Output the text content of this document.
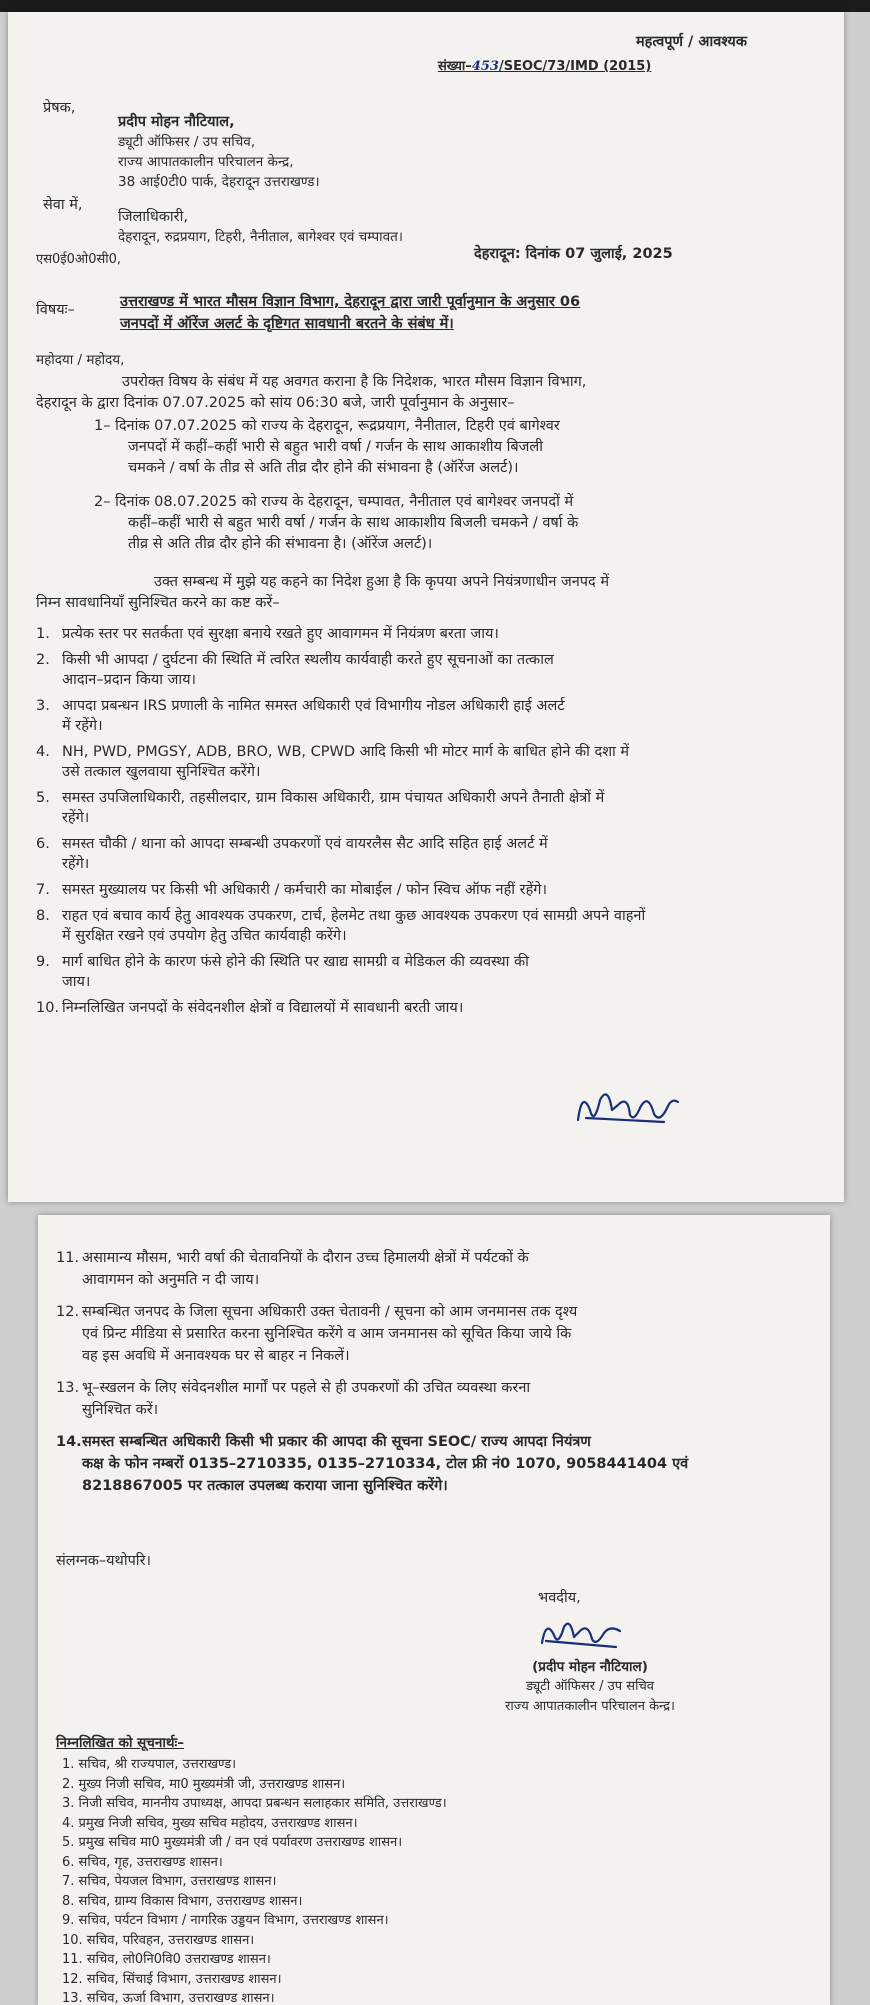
महत्वपूर्ण / आवश्यक
संख्या–453/SEOC/73/IMD (2015)
प्रेषक,
प्रदीप मोहन नौटियाल,
ड्यूटी ऑफिसर / उप सचिव,
राज्य आपातकालीन परिचालन केन्द्र,
38 आई0टी0 पार्क, देहरादून उत्तराखण्ड।
सेवा में,
जिलाधिकारी,
देहरादून, रुद्रप्रयाग, टिहरी, नैनीताल, बागेश्वर एवं चम्पावत।
एस0ई0ओ0सी0,	देहरादून: दिनांक 07 जुलाई, 2025
विषयः–	उत्तराखण्ड में भारत मौसम विज्ञान विभाग, देहरादून द्वारा जारी पूर्वानुमान के अनुसार 06
जनपदों में ऑरेंज अलर्ट के दृष्टिगत सावधानी बरतने के संबंध में।
महोदया / महोदय,
उपरोक्त विषय के संबंध में यह अवगत कराना है कि निदेशक, भारत मौसम विज्ञान विभाग,
देहरादून के द्वारा दिनांक 07.07.2025 को सांय 06:30 बजे, जारी पूर्वानुमान के अनुसार–
1– दिनांक 07.07.2025 को राज्य के देहरादून, रूद्रप्रयाग, नैनीताल, टिहरी एवं बागेश्वर
जनपदों में कहीं–कहीं भारी से बहुत भारी वर्षा / गर्जन के साथ आकाशीय बिजली
चमकने / वर्षा के तीव्र से अति तीव्र दौर होने की संभावना है (ऑरेंज अलर्ट)।
2– दिनांक 08.07.2025 को राज्य के देहरादून, चम्पावत, नैनीताल एवं बागेश्वर जनपदों में
कहीं–कहीं भारी से बहुत भारी वर्षा / गर्जन के साथ आकाशीय बिजली चमकने / वर्षा के
तीव्र से अति तीव्र दौर होने की संभावना है। (ऑरेंज अलर्ट)।
उक्त सम्बन्ध में मुझे यह कहने का निदेश हुआ है कि कृपया अपने नियंत्रणाधीन जनपद में
निम्न सावधानियाँ सुनिश्चित करने का कष्ट करें–

1. प्रत्येक स्तर पर सतर्कता एवं सुरक्षा बनाये रखते हुए आवागमन में नियंत्रण बरता जाय।

2. किसी भी आपदा / दुर्घटना की स्थिति में त्वरित स्थलीय कार्यवाही करते हुए सूचनाओं का तत्काल
आदान–प्रदान किया जाय।

3. आपदा प्रबन्धन IRS प्रणाली के नामित समस्त अधिकारी एवं विभागीय नोडल अधिकारी हाई अलर्ट
में रहेंगे।

4. NH, PWD, PMGSY, ADB, BRO, WB, CPWD आदि किसी भी मोटर मार्ग के बाधित होने की दशा में
उसे तत्काल खुलवाया सुनिश्चित करेंगे।

5. समस्त उपजिलाधिकारी, तहसीलदार, ग्राम विकास अधिकारी, ग्राम पंचायत अधिकारी अपने तैनाती क्षेत्रों में
रहेंगे।

6. समस्त चौकी / थाना को आपदा सम्बन्धी उपकरणों एवं वायरलैस सैट आदि सहित हाई अलर्ट में
रहेंगे।

7. समस्त मुख्यालय पर किसी भी अधिकारी / कर्मचारी का मोबाईल / फोन स्विच ऑफ नहीं रहेंगे।

8. राहत एवं बचाव कार्य हेतु आवश्यक उपकरण, टार्च, हेलमेट तथा कुछ आवश्यक उपकरण एवं सामग्री अपने वाहनों
में सुरक्षित रखने एवं उपयोग हेतु उचित कार्यवाही करेंगे।

9. मार्ग बाधित होने के कारण फंसे होने की स्थिति पर खाद्य सामग्री व मेडिकल की व्यवस्था की
जाय।

10. निम्नलिखित जनपदों के संवेदनशील क्षेत्रों व विद्यालयों में सावधानी बरती जाय।

11. असामान्य मौसम, भारी वर्षा की चेतावनियों के दौरान उच्च हिमालयी क्षेत्रों में पर्यटकों के
आवागमन को अनुमति न दी जाय।

12. सम्बन्धित जनपद के जिला सूचना अधिकारी उक्त चेतावनी / सूचना को आम जनमानस तक दृश्य
एवं प्रिन्ट मीडिया से प्रसारित करना सुनिश्चित करेंगे व आम जनमानस को सूचित किया जाये कि
वह इस अवधि में अनावश्यक घर से बाहर न निकलें।

13. भू–स्खलन के लिए संवेदनशील मार्गों पर पहले से ही उपकरणों की उचित व्यवस्था करना
सुनिश्चित करें।

14.समस्त सम्बन्धित अधिकारी किसी भी प्रकार की आपदा की सूचना SEOC/ राज्य आपदा नियंत्रण
कक्ष के फोन नम्बरों 0135–2710335, 0135–2710334, टोल फ्री नं0 1070, 9058441404 एवं
8218867005 पर तत्काल उपलब्ध कराया जाना सुनिश्चित करेंगे।

संलग्नक–यथोपरि।
भवदीय,
(प्रदीप मोहन नौटियाल)
ड्यूटी ऑफिसर / उप सचिव
राज्य आपातकालीन परिचालन केन्द्र।
निम्नलिखित को सूचनार्थः–

1. सचिव, श्री राज्यपाल, उत्तराखण्ड।

2. मुख्य निजी सचिव, मा0 मुख्यमंत्री जी, उत्तराखण्ड शासन।

3. निजी सचिव, माननीय उपाध्यक्ष, आपदा प्रबन्धन सलाहकार समिति, उत्तराखण्ड।

4. प्रमुख निजी सचिव, मुख्य सचिव महोदय, उत्तराखण्ड शासन।

5. प्रमुख सचिव मा0 मुख्यमंत्री जी / वन एवं पर्यावरण उत्तराखण्ड शासन।

6. सचिव, गृह, उत्तराखण्ड शासन।

7. सचिव, पेयजल विभाग, उत्तराखण्ड शासन।

8. सचिव, ग्राम्य विकास विभाग, उत्तराखण्ड शासन।

9. सचिव, पर्यटन विभाग / नागरिक उड्डयन विभाग, उत्तराखण्ड शासन।

10. सचिव, परिवहन, उत्तराखण्ड शासन।

11. सचिव, लो0नि0वि0 उत्तराखण्ड शासन।

12. सचिव, सिंचाई विभाग, उत्तराखण्ड शासन।

13. सचिव, ऊर्जा विभाग, उत्तराखण्ड शासन।
